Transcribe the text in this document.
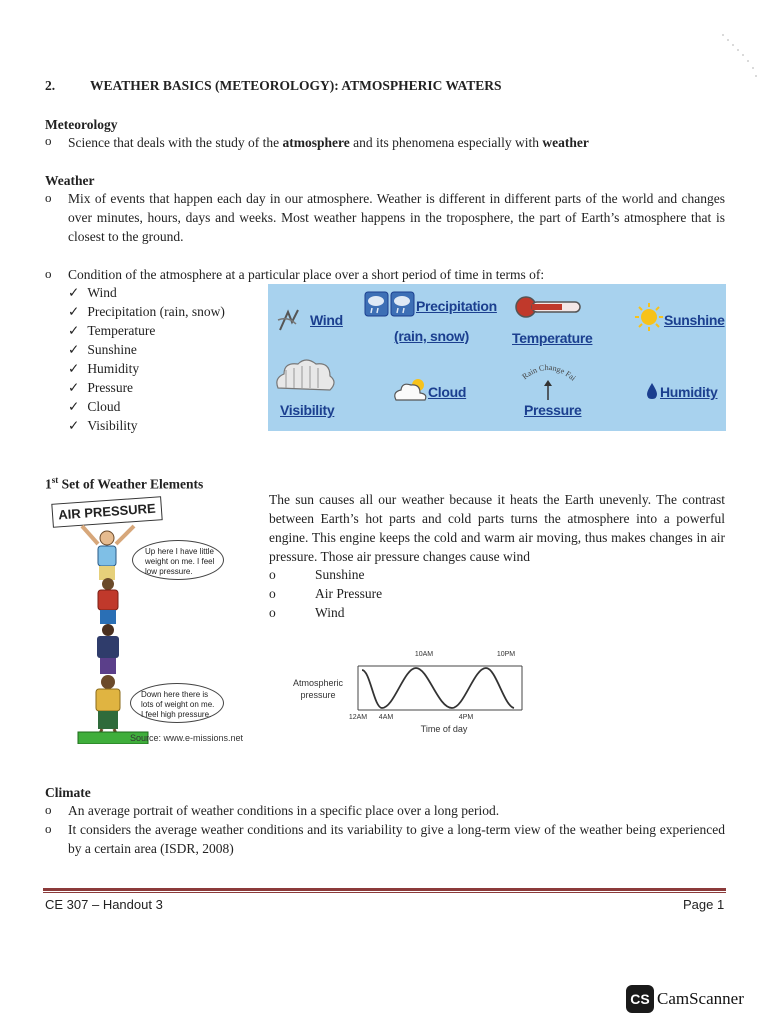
2.	WEATHER BASICS (METEOROLOGY): ATMOSPHERIC WATERS
Meteorology
o Science that deals with the study of the atmosphere and its phenomena especially with weather
Weather
o Mix of events that happen each day in our atmosphere. Weather is different in different parts of the world and changes over minutes, hours, days and weeks. Most weather happens in the troposphere, the part of Earth’s atmosphere that is closest to the ground.
o Condition of the atmosphere at a particular place over a short period of time in terms of:
✓ Wind
✓ Precipitation (rain, snow)
✓ Temperature
✓ Sunshine
✓ Humidity
✓ Pressure
✓ Cloud
✓ Visibility
Wind
Precipitation
(rain, snow)	Temperature
Sunshine
Visibility
Cloud
Rain Change Fai
Pressure
Humidity
1st Set of Weather Elements
The sun causes all our weather because it heats the Earth unevenly. The contrast between Earth’s hot parts and cold parts turns the atmosphere into a powerful engine. This engine keeps the cold and warm air moving, thus makes changes in air pressure. Those air pressure changes cause wind
o	Sunshine
o	Air Pressure
o	Wind
AIR PRESSURE
Up here I have little weight on me. I feel low pressure.
Down here there is lots of weight on me. I feel high pressure.
Source: www.e-missions.net
Atmospheric
pressure
10AM	10PM
12AM 4AM	4PM
Time of day
Climate
o An average portrait of weather conditions in a specific place over a long period.
o It considers the average weather conditions and its variability to give a long-term view of the weather being experienced by a certain area (ISDR, 2008)
CE 307 – Handout 3	Page 1
CS CamScanner
